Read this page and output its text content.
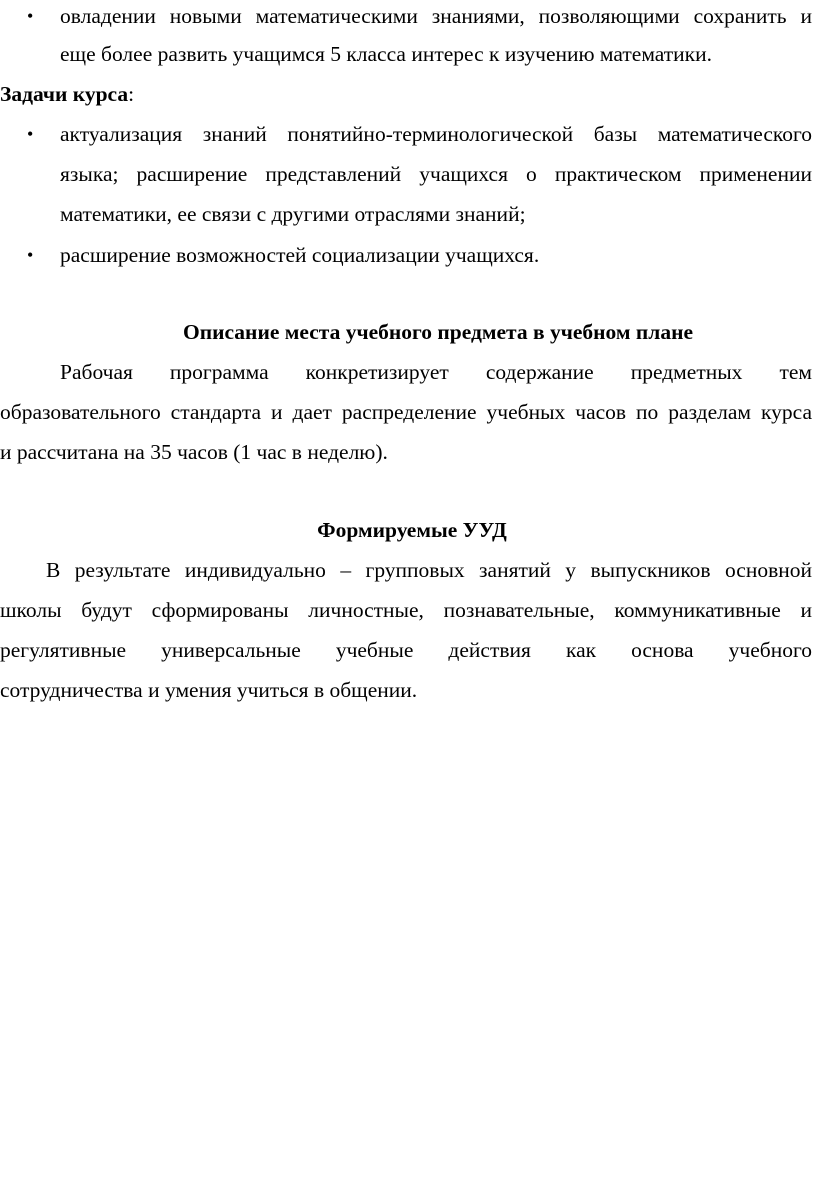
• овладении новыми математическими знаниями, позволяющими сохранить и
еще более развить учащимся 5 класса интерес к изучению математики.
Задачи курса:
• актуализация знаний понятийно-терминологической базы математического
языка; расширение представлений учащихся о практическом применении
математики, ее связи с другими отраслями знаний;
• расширение возможностей социализации учащихся.
Описание места учебного предмета в учебном плане
Рабочая программа конкретизирует содержание предметных тем
образовательного стандарта и дает распределение учебных часов по разделам курса
и рассчитана на 35 часов (1 час в неделю).
Формируемые УУД
В результате индивидуально – групповых занятий у выпускников основной
школы будут сформированы личностные, познавательные, коммуникативные и
регулятивные универсальные учебные действия как основа учебного
сотрудничества и умения учиться в общении.
